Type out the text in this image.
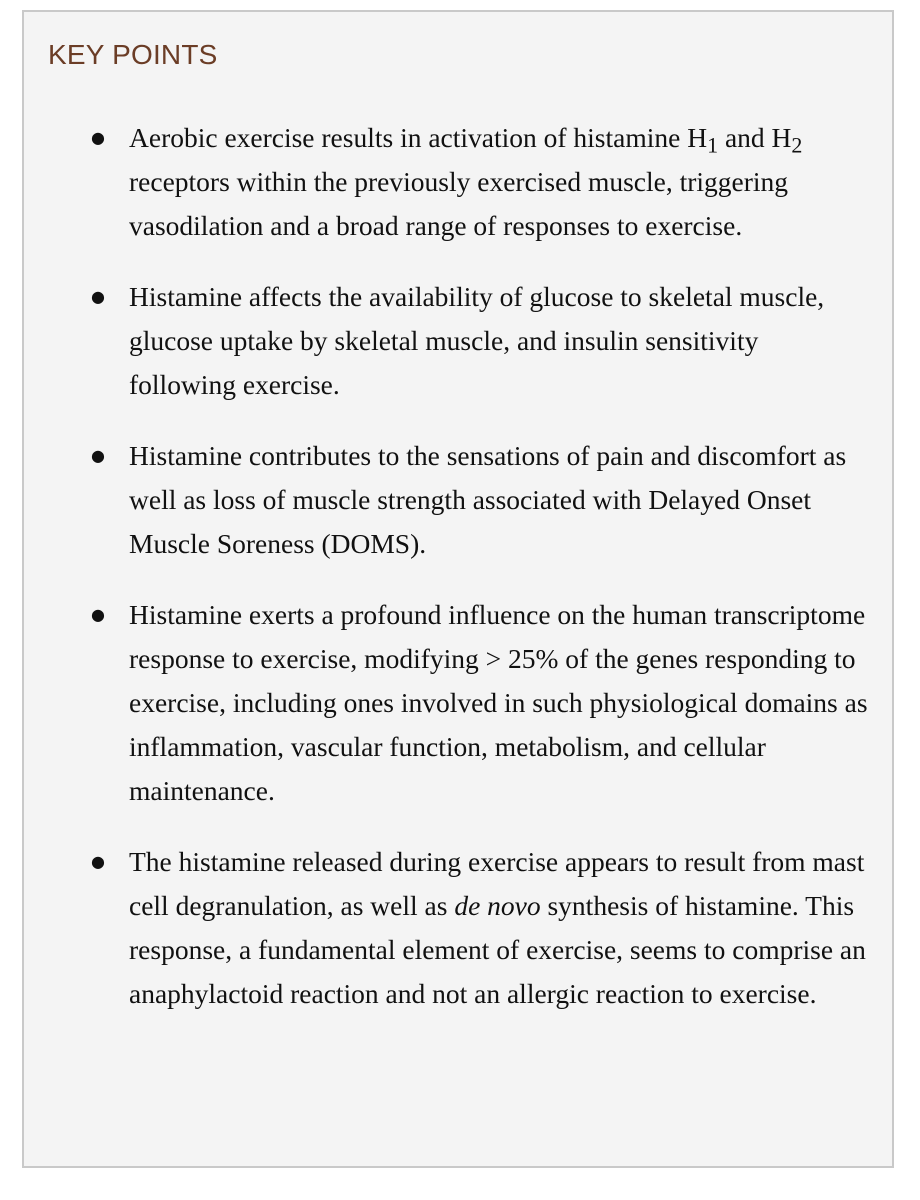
KEY POINTS
● Aerobic exercise results in activation of histamine $H_1$ and $H_2$ receptors within the previously exercised muscle, triggering vasodilation and a broad range of responses to exercise.
● Histamine affects the availability of glucose to skeletal muscle, glucose uptake by skeletal muscle, and insulin sensitivity following exercise.
● Histamine contributes to the sensations of pain and discomfort as well as loss of muscle strength associated with Delayed Onset Muscle Soreness (DOMS).
● Histamine exerts a profound influence on the human transcriptome response to exercise, modifying > 25% of the genes responding to exercise, including ones involved in such physiological domains as inflammation, vascular function, metabolism, and cellular maintenance.
● The histamine released during exercise appears to result from mast cell degranulation, as well as de novo synthesis of histamine. This response, a fundamental element of exercise, seems to comprise an anaphylactoid reaction and not an allergic reaction to exercise.
